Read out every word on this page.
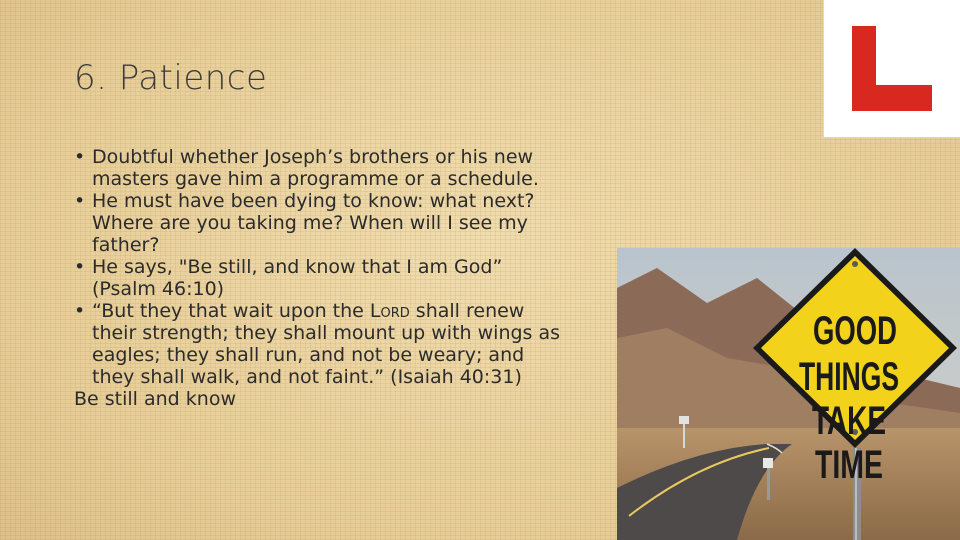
6. Patience
• Doubtful whether Joseph’s brothers or his new
masters gave him a programme or a schedule.
• He must have been dying to know: what next?
Where are you taking me? When will I see my
father?
• He says, "Be still, and know that I am God”
(Psalm 46:10)
• “But they that wait upon the Lord shall renew
their strength; they shall mount up with wings as
eagles; they shall run, and not be weary; and
they shall walk, and not faint.” (Isaiah 40:31)
Be still and know
GOOD
THINGS
TAKE
TIME
